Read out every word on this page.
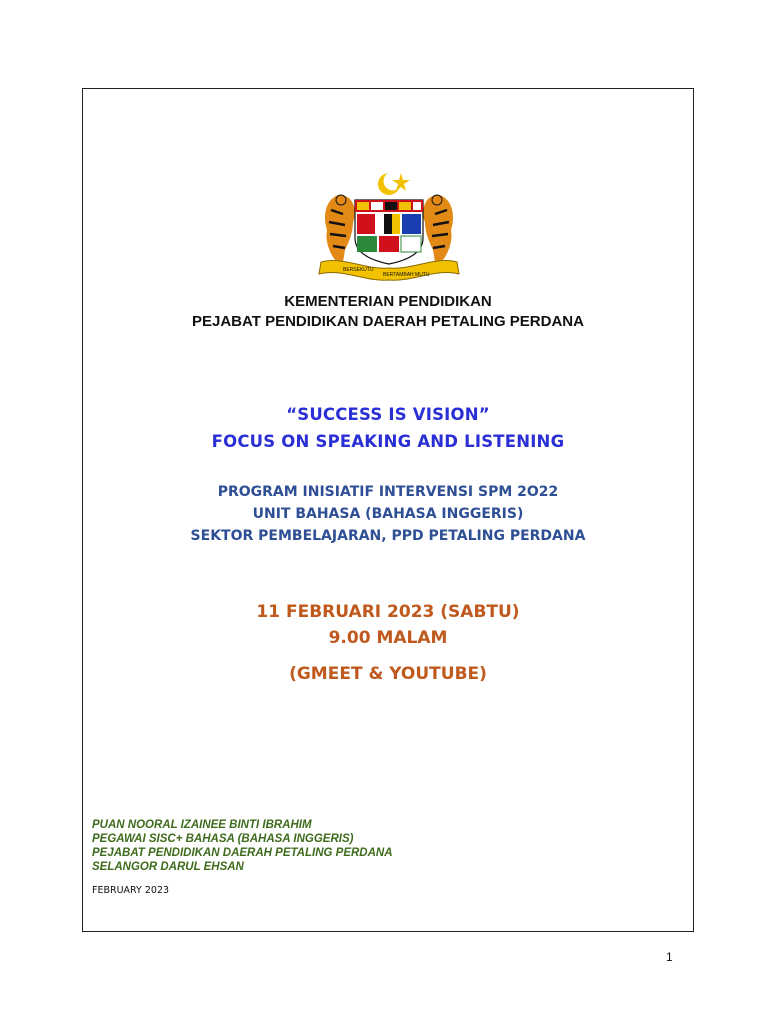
BERSEKUTU
BERTAMBAH MUTU
KEMENTERIAN PENDIDIKAN
PEJABAT PENDIDIKAN DAERAH PETALING PERDANA
“SUCCESS IS VISION”
FOCUS ON SPEAKING AND LISTENING
PROGRAM INISIATIF INTERVENSI SPM 2O22
UNIT BAHASA (BAHASA INGGERIS)
SEKTOR PEMBELAJARAN, PPD PETALING PERDANA
11 FEBRUARI 2023 (SABTU)
9.00 MALAM
(GMEET & YOUTUBE)
PUAN NOORAL IZAINEE BINTI IBRAHIM
PEGAWAI SISC+ BAHASA (BAHASA INGGERIS)
PEJABAT PENDIDIKAN DAERAH PETALING PERDANA
SELANGOR DARUL EHSAN
FEBRUARY 2023
1
